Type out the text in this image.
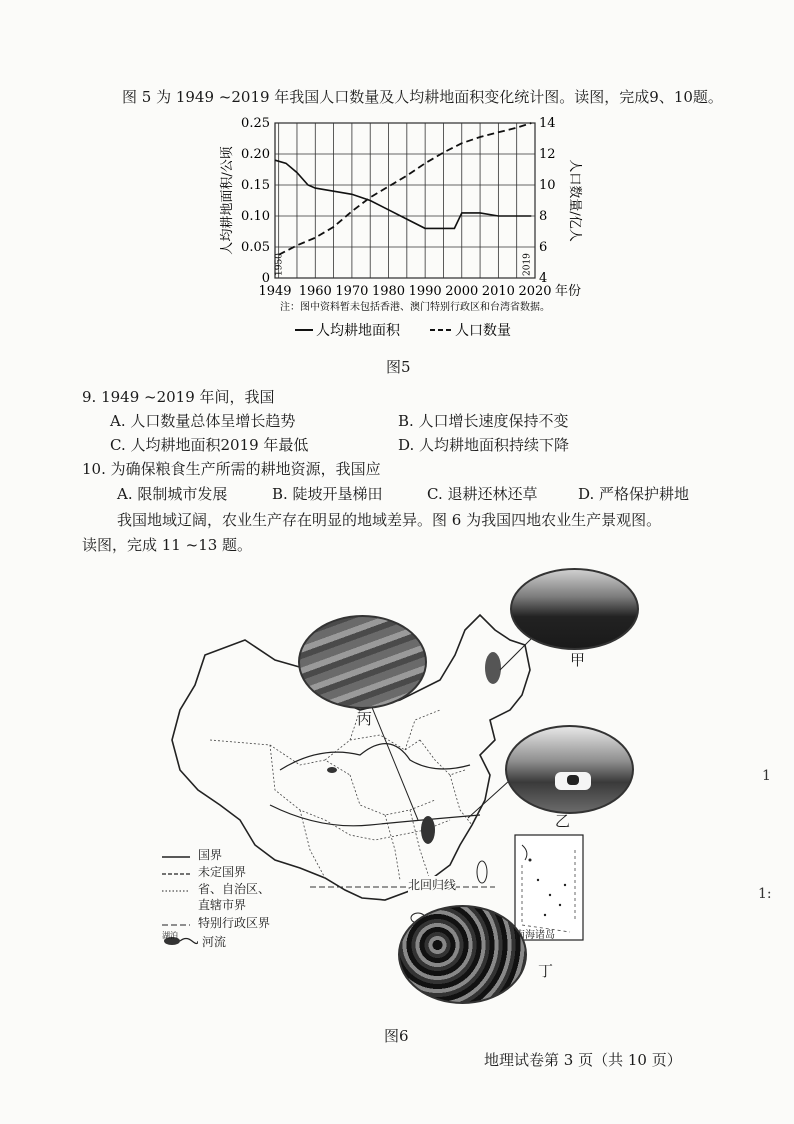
图 5 为 1949 ~2019 年我国人口数量及人均耕地面积变化统计图。读图，完成9、10题。
0
0.05
0.10
0.15
0.20
0.25
4
6
8
10
12
14
1949 1960 1970 1980 1990 2000 2010 2020 年份
人均耕地面积/公顷	人口数量/亿人
1950	2019
注：图中资料暂未包括香港、澳门特别行政区和台湾省数据。
人均耕地面积	人口数量
图5
9. 1949 ~2019 年间，我国
A. 人口数量总体呈增长趋势	B. 人口增长速度保持不变
C. 人均耕地面积2019 年最低	D. 人均耕地面积持续下降
10. 为确保粮食生产所需的耕地资源，我国应
A. 限制城市发展	B. 陡坡开垦梯田	C. 退耕还林还草	D. 严格保护耕地
我国地域辽阔，农业生产存在明显的地域差异。图 6 为我国四地农业生产景观图。
读图，完成 11 ~13 题。
甲
乙
丙
丁
北回归线
南海诸岛
国界
未定国界
省、自治区、
直辖市界
特别行政区界
湖泊 河流
图6
地理试卷第 3 页（共 10 页）
1
1:
